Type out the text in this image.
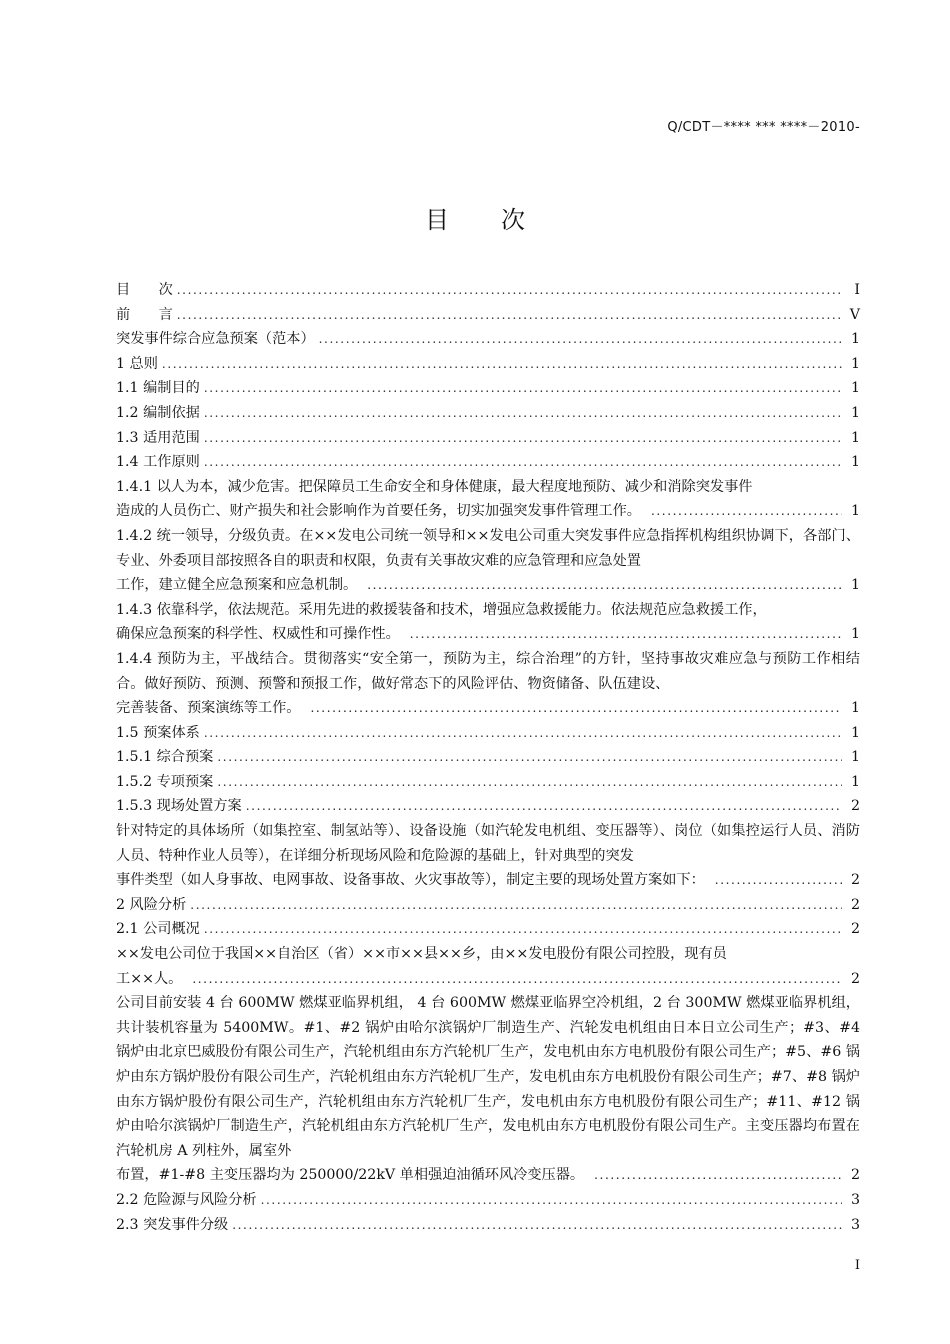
Q/CDT－**** *** ****－2010-
目次
目　　次 .....	I
前　　言 .....	V
突发事件综合应急预案（范本） .....	1
1 总则 .....	1
1.1 编制目的 .....	1
1.2 编制依据 .....	1
1.3 适用范围 .....	1
1.4 工作原则 .....	1
1.4.1 以人为本，减少危害。把保障员工生命安全和身体健康，最大程度地预防、减少和消除突发事件
造成的人员伤亡、财产损失和社会影响作为首要任务，切实加强突发事件管理工作。 .....	1
1.4.2 统一领导，分级负责。在××发电公司统一领导和××发电公司重大突发事件应急指挥机构组织协调下，各部门、专业、外委项目部按照各自的职责和权限，负责有关事故灾难的应急管理和应急处置
工作，建立健全应急预案和应急机制。 .....	1
1.4.3 依靠科学，依法规范。采用先进的救援装备和技术，增强应急救援能力。依法规范应急救援工作，
确保应急预案的科学性、权威性和可操作性。 .....	1
1.4.4 预防为主，平战结合。贯彻落实“安全第一，预防为主，综合治理”的方针，坚持事故灾难应急与预防工作相结合。做好预防、预测、预警和预报工作，做好常态下的风险评估、物资储备、队伍建设、
完善装备、预案演练等工作。 .....	1
1.5 预案体系 .....	1
1.5.1 综合预案 .....	1
1.5.2 专项预案 .....	1
1.5.3 现场处置方案 .....	2
针对特定的具体场所（如集控室、制氢站等）、设备设施（如汽轮发电机组、变压器等）、岗位（如集控运行人员、消防人员、特种作业人员等），在详细分析现场风险和危险源的基础上，针对典型的突发
事件类型（如人身事故、电网事故、设备事故、火灾事故等），制定主要的现场处置方案如下： .....	2
2 风险分析 .....	2
2.1 公司概况 .....	2
××发电公司位于我国××自治区（省）××市××县××乡，由××发电股份有限公司控股，现有员
工××人。 .....	2
公司目前安装 4 台 600MW 燃煤亚临界机组， 4 台 600MW 燃煤亚临界空冷机组，2 台 300MW 燃煤亚临界机组，共计装机容量为 5400MW。#1、#2 锅炉由哈尔滨锅炉厂制造生产、汽轮发电机组由日本日立公司生产；#3、#4 锅炉由北京巴威股份有限公司生产，汽轮机组由东方汽轮机厂生产，发电机由东方电机股份有限公司生产；#5、#6 锅炉由东方锅炉股份有限公司生产，汽轮机组由东方汽轮机厂生产，发电机由东方电机股份有限公司生产；#7、#8 锅炉由东方锅炉股份有限公司生产，汽轮机组由东方汽轮机厂生产，发电机由东方电机股份有限公司生产；#11、#12 锅炉由哈尔滨锅炉厂制造生产，汽轮机组由东方汽轮机厂生产，发电机由东方电机股份有限公司生产。主变压器均布置在汽轮机房 A 列柱外，属室外
布置，#1-#8 主变压器均为 250000/22kV 单相强迫油循环风冷变压器。 .....	2
2.2 危险源与风险分析 .....	3
2.3 突发事件分级 .....	3
I
